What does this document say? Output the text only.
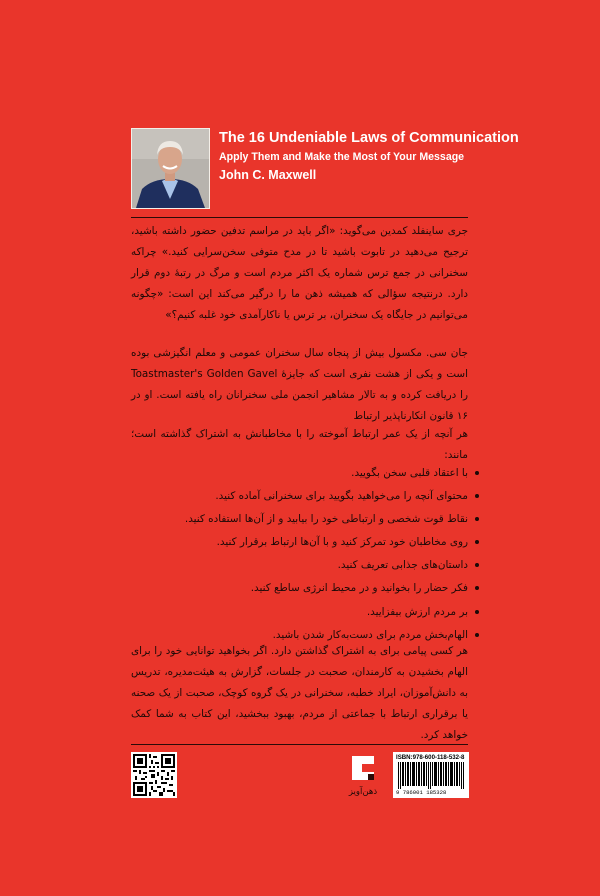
The 16 Undeniable Laws of Communication
Apply Them and Make the Most of Your Message
John C. Maxwell
جری ساینفلد کمدین می‌گوید: «اگر باید در مراسم تدفین حضور داشته باشید، ترجیح می‌دهید در تابوت باشید تا در مدح متوفی سخن‌سرایی کنید.» چراکه سخنرانی در جمع ترس شماره یک اکثر مردم است و مرگ در رتبهٔ دوم قرار دارد. درنتیجه سؤالی که همیشه ذهن ما را درگیر می‌کند این است: «چگونه می‌توانیم در جایگاه یک سخنران، بر ترس یا ناکارآمدی خود غلبه کنیم؟»
جان سی. مکسول بیش از پنجاه سال سخنران عمومی و معلم انگیزشی بوده است و یکی از هشت نفری است که جایزهٔ Toastmaster's Golden Gavel را دریافت کرده و به تالار مشاهیر انجمن ملی سخنرانان راه یافته است. او در ۱۶ قانون انکارناپذیر ارتباط
هر آنچه از یک عمر ارتباط آموخته را با مخاطبانش به اشتراک گذاشته است؛ مانند:
با اعتقاد قلبی سخن بگویید.
محتوای آنچه را می‌خواهید بگویید برای سخنرانی آماده کنید.
نقاط قوت شخصی و ارتباطی خود را بیابید و از آن‌ها استفاده کنید.
روی مخاطبان خود تمرکز کنید و با آن‌ها ارتباط برقرار کنید.
داستان‌های جذابی تعریف کنید.
فکر حضار را بخوانید و در محیط انرژی ساطع کنید.
بر مردم ارزش بیفزایید.
الهام‌بخش مردم برای دست‌به‌کار شدن باشید.
هر کسی پیامی برای به اشتراک گذاشتن دارد. اگر بخواهید توانایی خود را برای الهام بخشیدن به کارمندان، صحبت در جلسات، گزارش به هیئت‌مدیره، تدریس به دانش‌آموزان، ایراد خطبه، سخنرانی در یک گروه کوچک، صحبت از یک صحنه یا برقراری ارتباط با جماعتی از مردم، بهبود ببخشید، این کتاب به شما کمک خواهد کرد.
ذهن‌آویز
ISBN:978-600-118-532-8
9 786001 185328
